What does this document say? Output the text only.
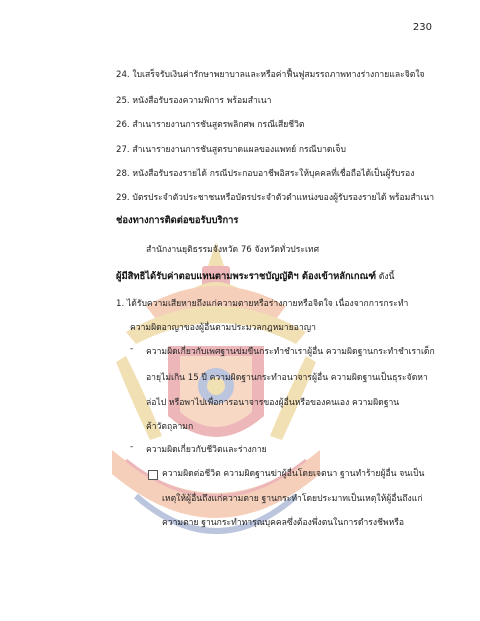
230
24. ใบเสร็จรับเงินค่ารักษาพยาบาลและหรือค่าฟื้นฟูสมรรถภาพทางร่างกายและจิตใจ
25. หนังสือรับรองความพิการ พร้อมสำเนา
26. สำเนารายงานการชันสูตรพลิกศพ กรณีเสียชีวิต
27. สำเนารายงานการชันสูตรบาดแผลของแพทย์ กรณีบาดเจ็บ
28. หนังสือรับรองรายได้ กรณีประกอบอาชีพอิสระให้บุคคลที่เชื่อถือได้เป็นผู้รับรอง
29. บัตรประจำตัวประชาชนหรือบัตรประจำตัวตำแหน่งของผู้รับรองรายได้ พร้อมสำเนา
ช่องทางการติดต่อขอรับบริการ
สำนักงานยุติธรรมจังหวัด 76 จังหวัดทั่วประเทศ
ผู้มีสิทธิได้รับค่าตอบแทนตามพระราชบัญญัติฯ ต้องเข้าหลักเกณฑ์ ดังนี้
1. ได้รับความเสียหายถึงแก่ความตายหรือร่างกายหรือจิตใจ เนื่องจากการกระทำ
ความผิดอาญาของผู้อื่นตามประมวลกฎหมายอาญา
- ความผิดเกี่ยวกับเพศฐานข่มขืนกระทำชำเราผู้อื่น ความผิดฐานกระทำชำเราเด็ก
อายุไม่เกิน 15 ปี ความผิดฐานกระทำอนาจารผู้อื่น ความผิดฐานเป็นธุระจัดหา
ล่อไป หรือพาไปเพื่อการอนาจารของผู้อื่นหรือของคนเอง ความผิดฐาน
ค้าวัตถุลามก
- ความผิดเกี่ยวกับชีวิตและร่างกาย
ความผิดต่อชีวิต ความผิดฐานฆ่าผู้อื่นโดยเจตนา ฐานทำร้ายผู้อื่น จนเป็น
เหตุให้ผู้อื่นถึงแก่ความตาย ฐานกระทำโดยประมาทเป็นเหตุให้ผู้อื่นถึงแก่
ความตาย ฐานกระทำทารุณบุคคลซึ่งต้องพึ่งตนในการดำรงชีพหรือ
